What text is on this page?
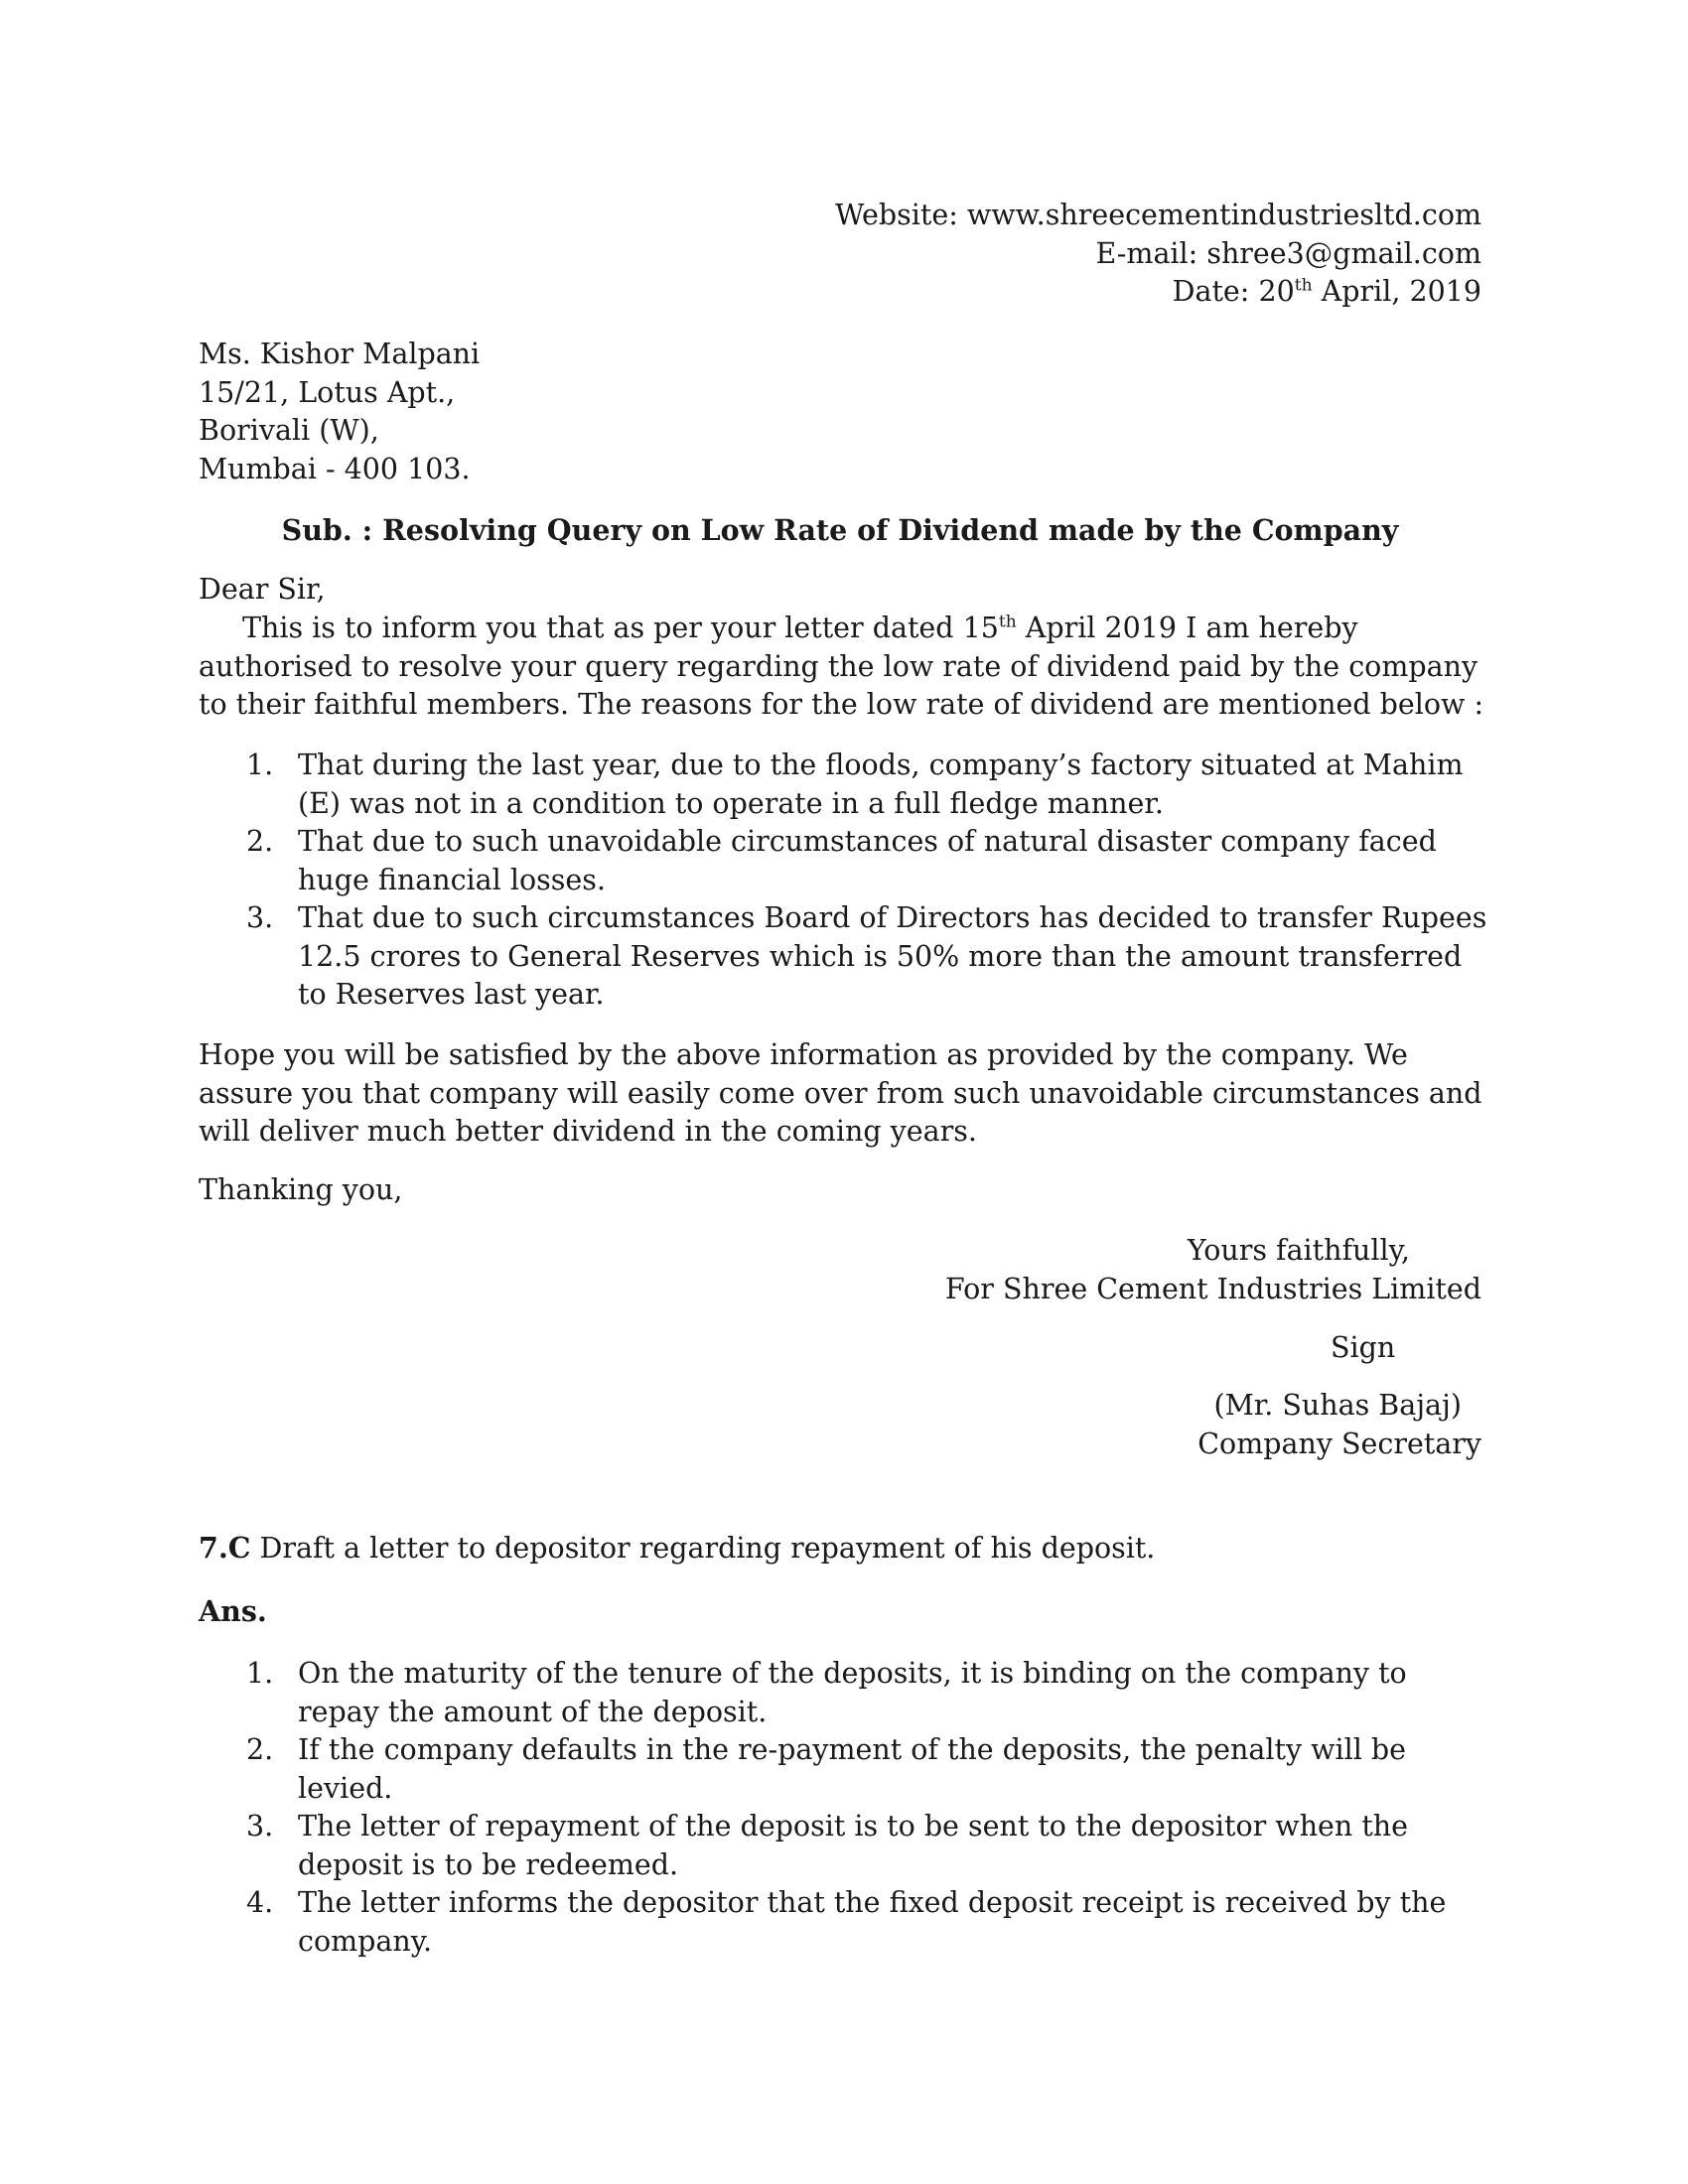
Website: www.shreecementindustriesltd.com
E-mail: shree3@gmail.com
Date: 20th April, 2019
Ms. Kishor Malpani
15/21, Lotus Apt.,
Borivali (W),
Mumbai - 400 103.
Sub. : Resolving Query on Low Rate of Dividend made by the Company
Dear Sir,

This is to inform you that as per your letter dated 15th April 2019 I am hereby authorised to resolve your query regarding the low rate of dividend paid by the company to their faithful members. The reasons for the low rate of dividend are mentioned below :

1. That during the last year, due to the floods, company’s factory situated at Mahim (E) was not in a condition to operate in a full fledge manner.
2. That due to such unavoidable circumstances of natural disaster company faced huge financial losses.
3. That due to such circumstances Board of Directors has decided to transfer Rupees 12.5 crores to General Reserves which is 50% more than the amount transferred to Reserves last year.

Hope you will be satisfied by the above information as provided by the company. We assure you that company will easily come over from such unavoidable circumstances and will deliver much better dividend in the coming years.

Thanking you,
Yours faithfully,
For Shree Cement Industries Limited
Sign
(Mr. Suhas Bajaj)
Company Secretary
7.C Draft a letter to depositor regarding repayment of his deposit.
Ans.
1. On the maturity of the tenure of the deposits, it is binding on the company to repay the amount of the deposit.
2. If the company defaults in the re-payment of the deposits, the penalty will be levied.
3. The letter of repayment of the deposit is to be sent to the depositor when the deposit is to be redeemed.
4. The letter informs the depositor that the fixed deposit receipt is received by the company.
